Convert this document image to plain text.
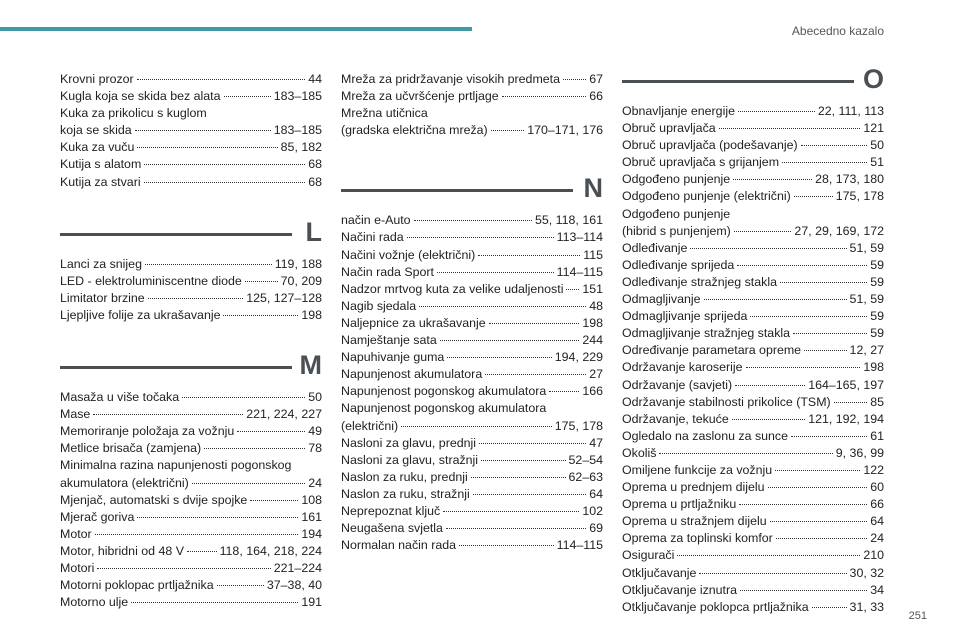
Abecedno kazalo
Krovni prozor	44
Kugla koja se skida bez alata	183–185
Kuka za prikolicu s kuglom
koja se skida	183–185
Kuka za vuču	85, 182
Kutija s alatom	68
Kutija za stvari	68
L
Lanci za snijeg	119, 188
LED - elektroluminiscentne diode	70, 209
Limitator brzine	125, 127–128
Ljepljive folije za ukrašavanje	198
M
Masaža u više točaka	50
Mase	221, 224, 227
Memoriranje položaja za vožnju	49
Metlice brisača (zamjena)	78
Minimalna razina napunjenosti pogonskog
akumulatora (električni)	24
Mjenjač, automatski s dvije spojke	108
Mjerač goriva	161
Motor	194
Motor, hibridni od 48 V	118, 164, 218, 224
Motori	221–224
Motorni poklopac prtljažnika	37–38, 40
Motorno ulje	191
Mreža za pridržavanje visokih predmeta 67
Mreža za učvršćenje prtljage	66
Mrežna utičnica
(gradska električna mreža)	170–171, 176
N
način e-Auto	55, 118, 161
Načini rada	113–114
Načini vožnje (električni)	115
Način rada Sport	114–115
Nadzor mrtvog kuta za velike udaljenosti 151
Nagib sjedala	48
Naljepnice za ukrašavanje	198
Namještanje sata	244
Napuhivanje guma	194, 229
Napunjenost akumulatora	27
Napunjenost pogonskog akumulatora	166
Napunjenost pogonskog akumulatora
(električni)	175, 178
Nasloni za glavu, prednji	47
Nasloni za glavu, stražnji	52–54
Naslon za ruku, prednji	62–63
Naslon za ruku, stražnji	64
Neprepoznat ključ	102
Neugašena svjetla	69
Normalan način rada	114–115
O
Obnavljanje energije	22, 111, 113
Obruč upravljača	121
Obruč upravljača (podešavanje)	50
Obruč upravljača s grijanjem	51
Odgođeno punjenje	28, 173, 180
Odgođeno punjenje (električni)	175, 178
Odgođeno punjenje
(hibrid s punjenjem)	27, 29, 169, 172
Odleđivanje	51, 59
Odleđivanje sprijeda	59
Odleđivanje stražnjeg stakla	59
Odmagljivanje	51, 59
Odmagljivanje sprijeda	59
Odmagljivanje stražnjeg stakla	59
Određivanje parametara opreme	12, 27
Održavanje karoserije	198
Održavanje (savjeti)	164–165, 197
Održavanje stabilnosti prikolice (TSM)	85
Održavanje, tekuće	121, 192, 194
Ogledalo na zaslonu za sunce	61
Okoliš	9, 36, 99
Omiljene funkcije za vožnju	122
Oprema u prednjem dijelu	60
Oprema u prtljažniku	66
Oprema u stražnjem dijelu	64
Oprema za toplinski komfor	24
Osigurači	210
Otključavanje	30, 32
Otključavanje iznutra	34
Otključavanje poklopca prtljažnika	31, 33
251
